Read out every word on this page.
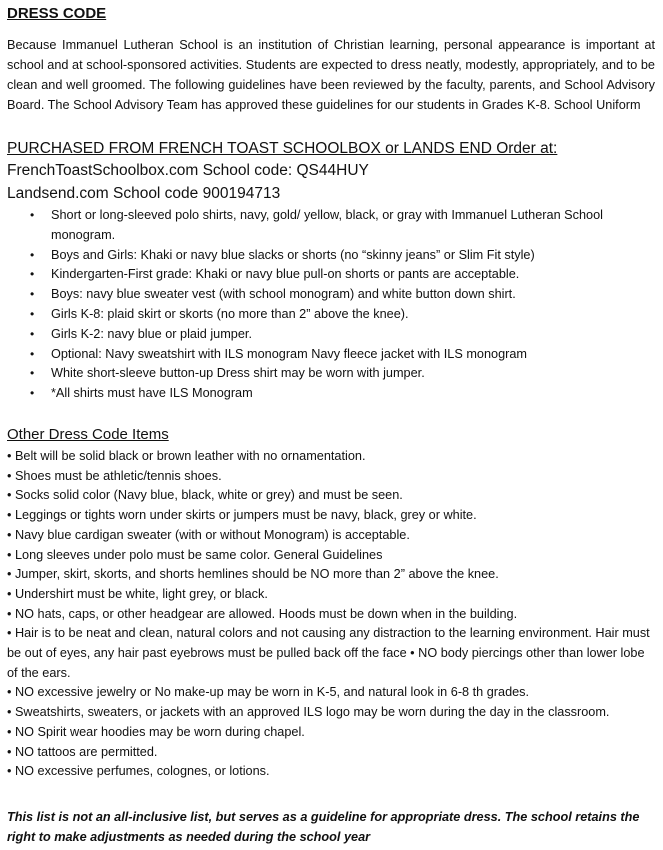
DRESS CODE

Because Immanuel Lutheran School is an institution of Christian learning, personal appearance is important at school and at school-sponsored activities. Students are expected to dress neatly, modestly, appropriately, and to be clean and well groomed. The following guidelines have been reviewed by the faculty, parents, and School Advisory Board. The School Advisory Team has approved these guidelines for our students in Grades K-8. School Uniform

PURCHASED FROM FRENCH TOAST SCHOOLBOX or LANDS END Order at:
FrenchToastSchoolbox.com School code: QS44HUY
Landsend.com School code 900194713
• Short or long-sleeved polo shirts, navy, gold/ yellow, black, or gray with Immanuel Lutheran School monogram.
• Boys and Girls: Khaki or navy blue slacks or shorts (no “skinny jeans” or Slim Fit style)
• Kindergarten-First grade: Khaki or navy blue pull-on shorts or pants are acceptable.
• Boys: navy blue sweater vest (with school monogram) and white button down shirt.
• Girls K-8: plaid skirt or skorts (no more than 2” above the knee).
• Girls K-2: navy blue or plaid jumper.
• Optional: Navy sweatshirt with ILS monogram Navy fleece jacket with ILS monogram
• White short-sleeve button-up Dress shirt may be worn with jumper.
• *All shirts must have ILS Monogram
Other Dress Code Items
• Belt will be solid black or brown leather with no ornamentation.
• Shoes must be athletic/tennis shoes.
• Socks solid color (Navy blue, black, white or grey) and must be seen.
• Leggings or tights worn under skirts or jumpers must be navy, black, grey or white.
• Navy blue cardigan sweater (with or without Monogram) is acceptable.
• Long sleeves under polo must be same color. General Guidelines
• Jumper, skirt, skorts, and shorts hemlines should be NO more than 2” above the knee.
• Undershirt must be white, light grey, or black.
• NO hats, caps, or other headgear are allowed. Hoods must be down when in the building.
• Hair is to be neat and clean, natural colors and not causing any distraction to the learning environment. Hair must be out of eyes, any hair past eyebrows must be pulled back off the face • NO body piercings other than lower lobe of the ears.
• NO excessive jewelry or No make-up may be worn in K-5, and natural look in 6-8 th grades.
• Sweatshirts, sweaters, or jackets with an approved ILS logo may be worn during the day in the classroom.
• NO Spirit wear hoodies may be worn during chapel.
• NO tattoos are permitted.
• NO excessive perfumes, colognes, or lotions.

This list is not an all-inclusive list, but serves as a guideline for appropriate dress. The school retains the right to make adjustments as needed during the school year
